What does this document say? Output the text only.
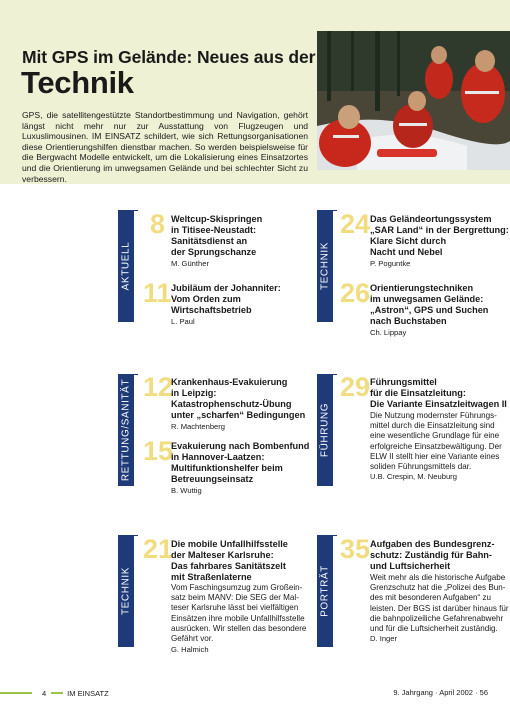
Mit GPS im Gelände: Neues aus der
Technik
GPS, die satellitengestützte Standortbestimmung und Navigation, gehört längst nicht mehr nur zur Ausstattung von Flugzeugen und Luxuslimousinen. IM EINSATZ schildert, wie sich Rettungsorganisationen diese Orientierungshilfen dienstbar machen. So werden beispielsweise für die Bergwacht Modelle entwickelt, um die Lokalisierung eines Einsatzortes und die Orientierung im unwegsamen Gelände und bei schlechter Sicht zu verbessern.
AKTUELL
8 Weltcup-Skispringen
in Titisee-Neustadt:
Sanitätsdienst an
der Sprungschanze
M. Günther
11 Jubiläum der Johanniter:
Vom Orden zum
Wirtschaftsbetrieb
L. Paul
TECHNIK
24 Das Geländeortungssystem
„SAR Land“ in der Bergrettung:
Klare Sicht durch
Nacht und Nebel
P. Poguntke
26 Orientierungstechniken
im unwegsamen Gelände:
„Astron“, GPS und Suchen
nach Buchstaben
Ch. Lippay
RETTUNG/SANITÄT 12
Krankenhaus-Evakuierung
in Leipzig:
Katastrophenschutz-Übung
unter „scharfen“ Bedingungen
R. Machtenberg
15
Evakuierung nach Bombenfund
in Hannover-Laatzen:
Multifunktionshelfer beim
Betreuungseinsatz
B. Wuttig
FÜHRUNG
29 Führungsmittel
für die Einsatzleitung:
Die Variante Einsatzleitwagen II
Die Nutzung modernster Führungs-
mittel durch die Einsatzleitung sind
eine wesentliche Grundlage für eine
erfolgreiche Einsatzbewältigung. Der
ELW II stellt hier eine Variante eines
soliden Führungsmittels dar.
U.B. Crespin, M. Neuburg
TECHNIK
21
Die mobile Unfallhilfsstelle
der Malteser Karlsruhe:
Das fahrbares Sanitätszelt
mit Straßenlaterne
Vom Faschingsumzug zum Großein-
satz beim MANV: Die SEG der Mal-
teser Karlsruhe lässt bei vielfältigen
Einsätzen ihre mobile Unfallhilfsstelle
ausrücken. Wir stellen das besondere
Gefährt vor.
G. Halmich
PORTRÄT
35 Aufgaben des Bundesgrenz-
schutz: Zuständig für Bahn-
und Luftsicherheit
Weit mehr als die historische Aufgabe
Grenzschutz hat die „Polizei des Bun-
des mit besonderen Aufgaben“ zu
leisten. Der BGS ist darüber hinaus für
die bahnpolizeiliche Gefahrenabwehr
und für die Luftsicherheit zuständig.
D. Inger
4	IM EINSATZ	9. Jahrgang · April 2002 · 56
